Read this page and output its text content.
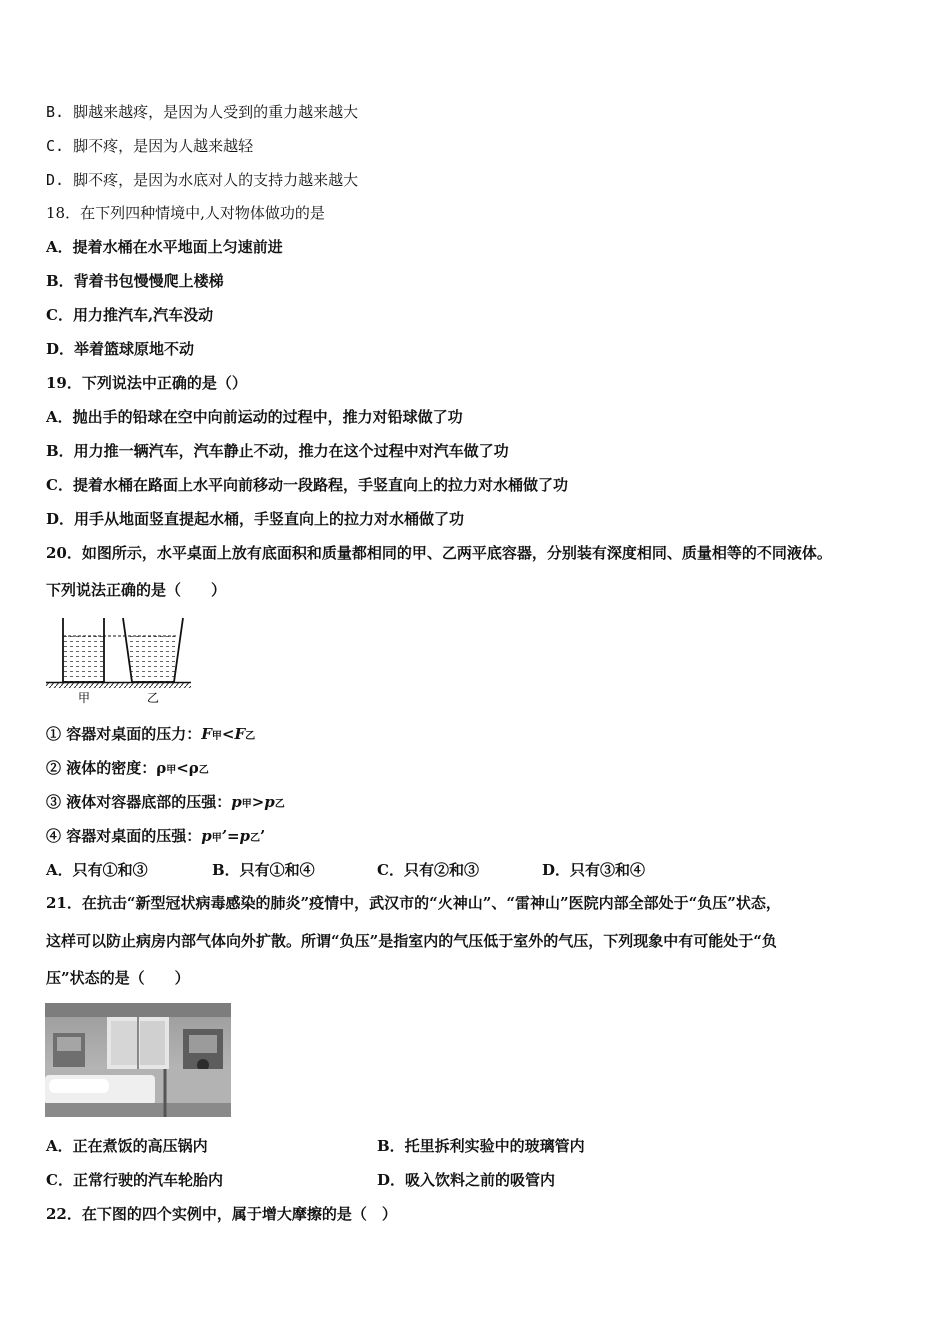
B. 脚越来越疼，是因为人受到的重力越来越大
C. 脚不疼，是因为人越来越轻
D. 脚不疼，是因为水底对人的支持力越来越大
18．在下列四种情境中,人对物体做功的是
A．提着水桶在水平地面上匀速前进
B．背着书包慢慢爬上楼梯
C．用力推汽车,汽车没动
D．举着篮球原地不动
19．下列说法中正确的是（）
A．抛出手的铅球在空中向前运动的过程中，推力对铅球做了功
B．用力推一辆汽车，汽车静止不动，推力在这个过程中对汽车做了功
C．提着水桶在路面上水平向前移动一段路程，手竖直向上的拉力对水桶做了功
D．用手从地面竖直提起水桶，手竖直向上的拉力对水桶做了功
20．如图所示，水平桌面上放有底面积和质量都相同的甲、乙两平底容器，分别装有深度相同、质量相等的不同液体。
下列说法正确的是（　　）
甲	乙
① 容器对桌面的压力：F甲<F乙
② 液体的密度：ρ甲<ρ乙
③ 液体对容器底部的压强：p甲>p乙
④ 容器对桌面的压强：p甲’=p乙’
A．只有①和③	B．只有①和④	C．只有②和③	D．只有③和④
21．在抗击“新型冠状病毒感染的肺炎”疫情中，武汉市的“火神山”、“雷神山”医院内部全部处于“负压”状态，
这样可以防止病房内部气体向外扩散。所谓“负压”是指室内的气压低于室外的气压，下列现象中有可能处于“负
压”状态的是（　　）
A．正在煮饭的高压锅内	B．托里拆利实验中的玻璃管内
C．正常行驶的汽车轮胎内	D．吸入饮料之前的吸管内
22．在下图的四个实例中，属于增大摩擦的是（　）
